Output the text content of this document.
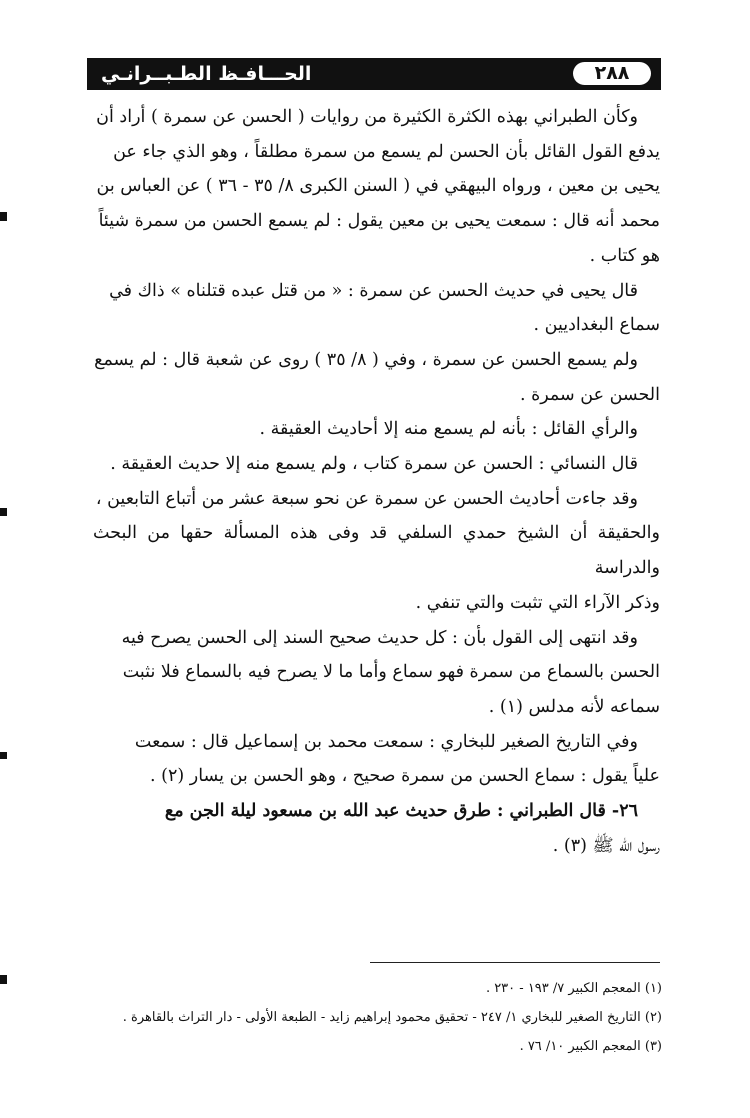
٢٨٨
الحـــافـظ الطـبــرانـي

وكأن الطبراني بهذه الكثرة الكثيرة من روايات ( الحسن عن سمرة ) أراد أن

يدفع القول القائل بأن الحسن لم يسمع من سمرة مطلقاً ، وهو الذي جاء عن

يحيى بن معين ، ورواه البيهقي في ( السنن الكبرى ٨/ ٣٥ - ٣٦ ) عن العباس بن

محمد أنه قال : سمعت يحيى بن معين يقول : لم يسمع الحسن من سمرة شيئاً

هو كتاب .

قال يحيى في حديث الحسن عن سمرة : « من قتل عبده قتلناه » ذاك في

سماع البغداديين .

ولم يسمع الحسن عن سمرة ، وفي ( ٨/ ٣٥ ) روى عن شعبة قال : لم يسمع

الحسن عن سمرة .

والرأي القائل : بأنه لم يسمع منه إلا أحاديث العقيقة .

قال النسائي : الحسن عن سمرة كتاب ، ولم يسمع منه إلا حديث العقيقة .

وقد جاءت أحاديث الحسن عن سمرة عن نحو سبعة عشر من أتباع التابعين ،

والحقيقة أن الشيخ حمدي السلفي قد وفى هذه المسألة حقها من البحث والدراسة

وذكر الآراء التي تثبت والتي تنفي .

وقد انتهى إلى القول بأن : كل حديث صحيح السند إلى الحسن يصرح فيه

الحسن بالسماع من سمرة فهو سماع وأما ما لا يصرح فيه بالسماع فلا نثبت

سماعه لأنه مدلس (١) .

وفي التاريخ الصغير للبخاري : سمعت محمد بن إسماعيل قال : سمعت

علياً يقول : سماع الحسن من سمرة صحيح ، وهو الحسن بن يسار (٢) .

٢٦- قال الطبراني : طرق حديث عبد الله بن مسعود ليلة الجن مع

رسول الله ﷺ (٣) .

(١) المعجم الكبير ٧/ ١٩٣ - ٢٣٠ .

(٢) التاريخ الصغير للبخاري ١/ ٢٤٧ - تحقيق محمود إبراهيم زايد - الطبعة الأولى - دار التراث بالقاهرة .

(٣) المعجم الكبير ١٠/ ٧٦ .
